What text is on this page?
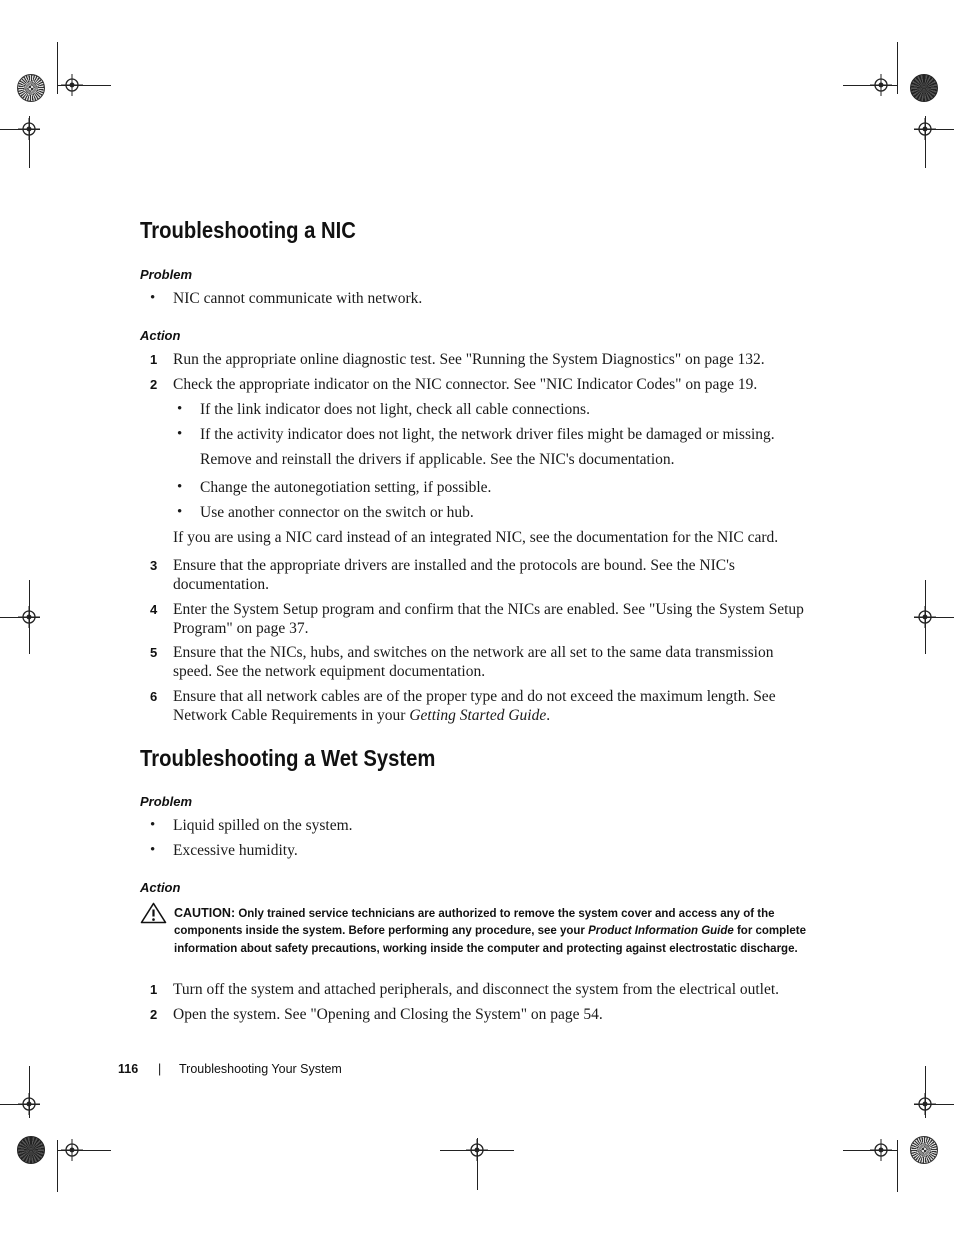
Troubleshooting a NIC
Problem
• NIC cannot communicate with network.
Action
1 Run the appropriate online diagnostic test. See "Running the System Diagnostics" on page 132.
2 Check the appropriate indicator on the NIC connector. See "NIC Indicator Codes" on page 19.
• If the link indicator does not light, check all cable connections.
• If the activity indicator does not light, the network driver files might be damaged or missing.
Remove and reinstall the drivers if applicable. See the NIC's documentation.
• Change the autonegotiation setting, if possible.
• Use another connector on the switch or hub.
If you are using a NIC card instead of an integrated NIC, see the documentation for the NIC card.
3 Ensure that the appropriate drivers are installed and the protocols are bound. See the NIC's
documentation.
4 Enter the System Setup program and confirm that the NICs are enabled. See "Using the System Setup
Program" on page 37.
5 Ensure that the NICs, hubs, and switches on the network are all set to the same data transmission
speed. See the network equipment documentation.
6 Ensure that all network cables are of the proper type and do not exceed the maximum length. See
Network Cable Requirements in your Getting Started Guide.
Troubleshooting a Wet System
Problem
• Liquid spilled on the system.
• Excessive humidity.
Action
CAUTION: Only trained service technicians are authorized to remove the system cover and access any of the components inside the system. Before performing any procedure, see your Product Information Guide for complete information about safety precautions, working inside the computer and protecting against electrostatic discharge.
1 Turn off the system and attached peripherals, and disconnect the system from the electrical outlet.
2 Open the system. See "Opening and Closing the System" on page 54.
116 | Troubleshooting Your System
